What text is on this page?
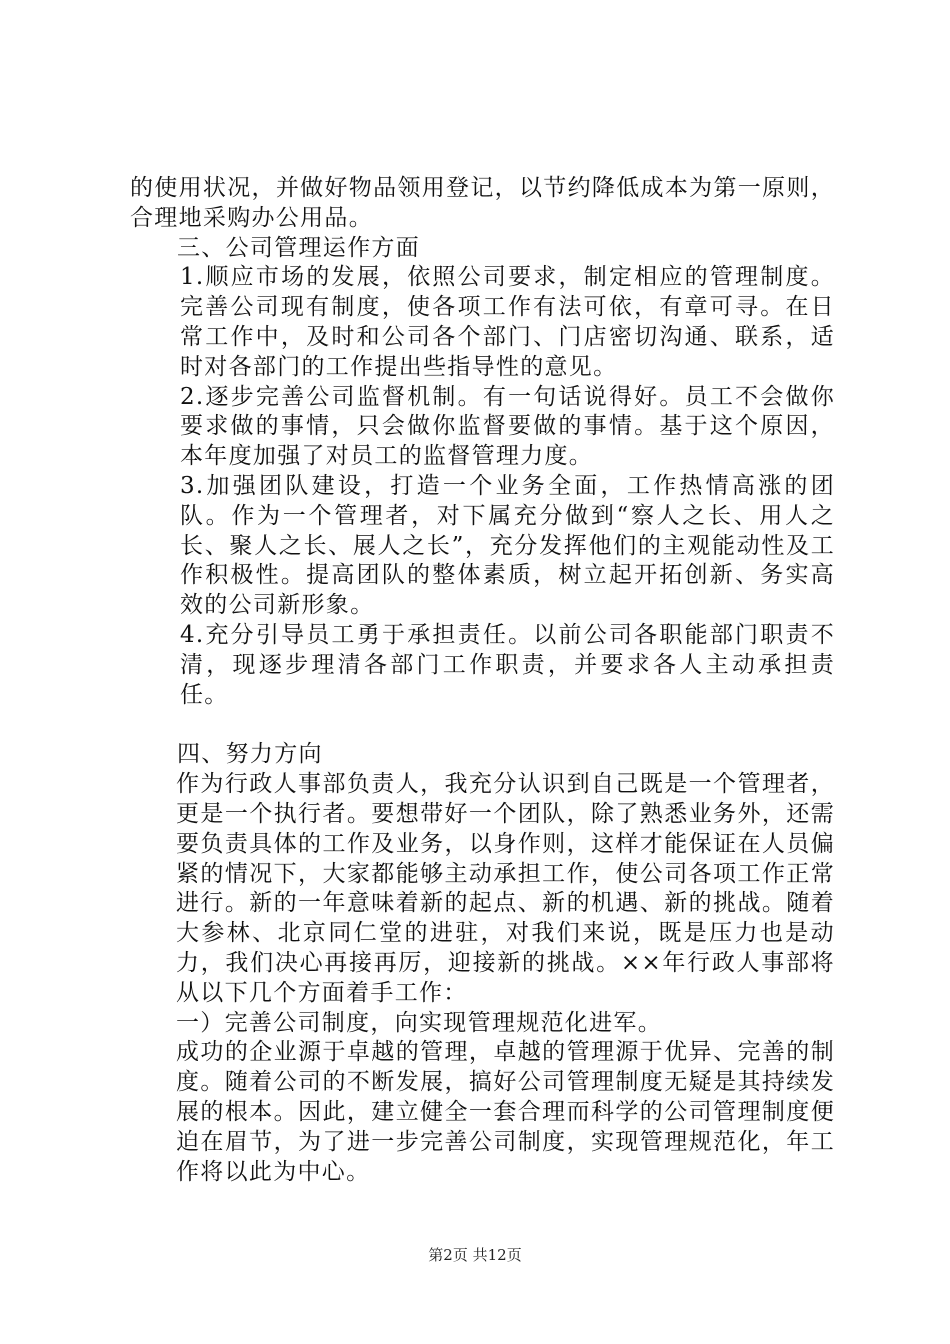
的使用状况，并做好物品领用登记，以节约降低成本为第一原则，合理地采购办公用品。

三、公司管理运作方面

1.顺应市场的发展，依照公司要求，制定相应的管理制度。完善公司现有制度，使各项工作有法可依，有章可寻。在日常工作中，及时和公司各个部门、门店密切沟通、联系，适时对各部门的工作提出些指导性的意见。

2.逐步完善公司监督机制。有一句话说得好。员工不会做你要求做的事情，只会做你监督要做的事情。基于这个原因，本年度加强了对员工的监督管理力度。

3.加强团队建设，打造一个业务全面，工作热情高涨的团队。作为一个管理者，对下属充分做到“察人之长、用人之长、聚人之长、展人之长”，充分发挥他们的主观能动性及工作积极性。提高团队的整体素质，树立起开拓创新、务实高效的公司新形象。

4.充分引导员工勇于承担责任。以前公司各职能部门职责不清，现逐步理清各部门工作职责，并要求各人主动承担责任。

四、努力方向

作为行政人事部负责人，我充分认识到自己既是一个管理者，更是一个执行者。要想带好一个团队，除了熟悉业务外，还需要负责具体的工作及业务，以身作则，这样才能保证在人员偏紧的情况下，大家都能够主动承担工作，使公司各项工作正常进行。新的一年意味着新的起点、新的机遇、新的挑战。随着大参林、北京同仁堂的进驻，对我们来说，既是压力也是动力，我们决心再接再厉，迎接新的挑战。××年行政人事部将从以下几个方面着手工作：

一）完善公司制度，向实现管理规范化进军。

成功的企业源于卓越的管理，卓越的管理源于优异、完善的制度。随着公司的不断发展，搞好公司管理制度无疑是其持续发展的根本。因此，建立健全一套合理而科学的公司管理制度便迫在眉节，为了进一步完善公司制度，实现管理规范化，年工作将以此为中心。

第2页 共12页
